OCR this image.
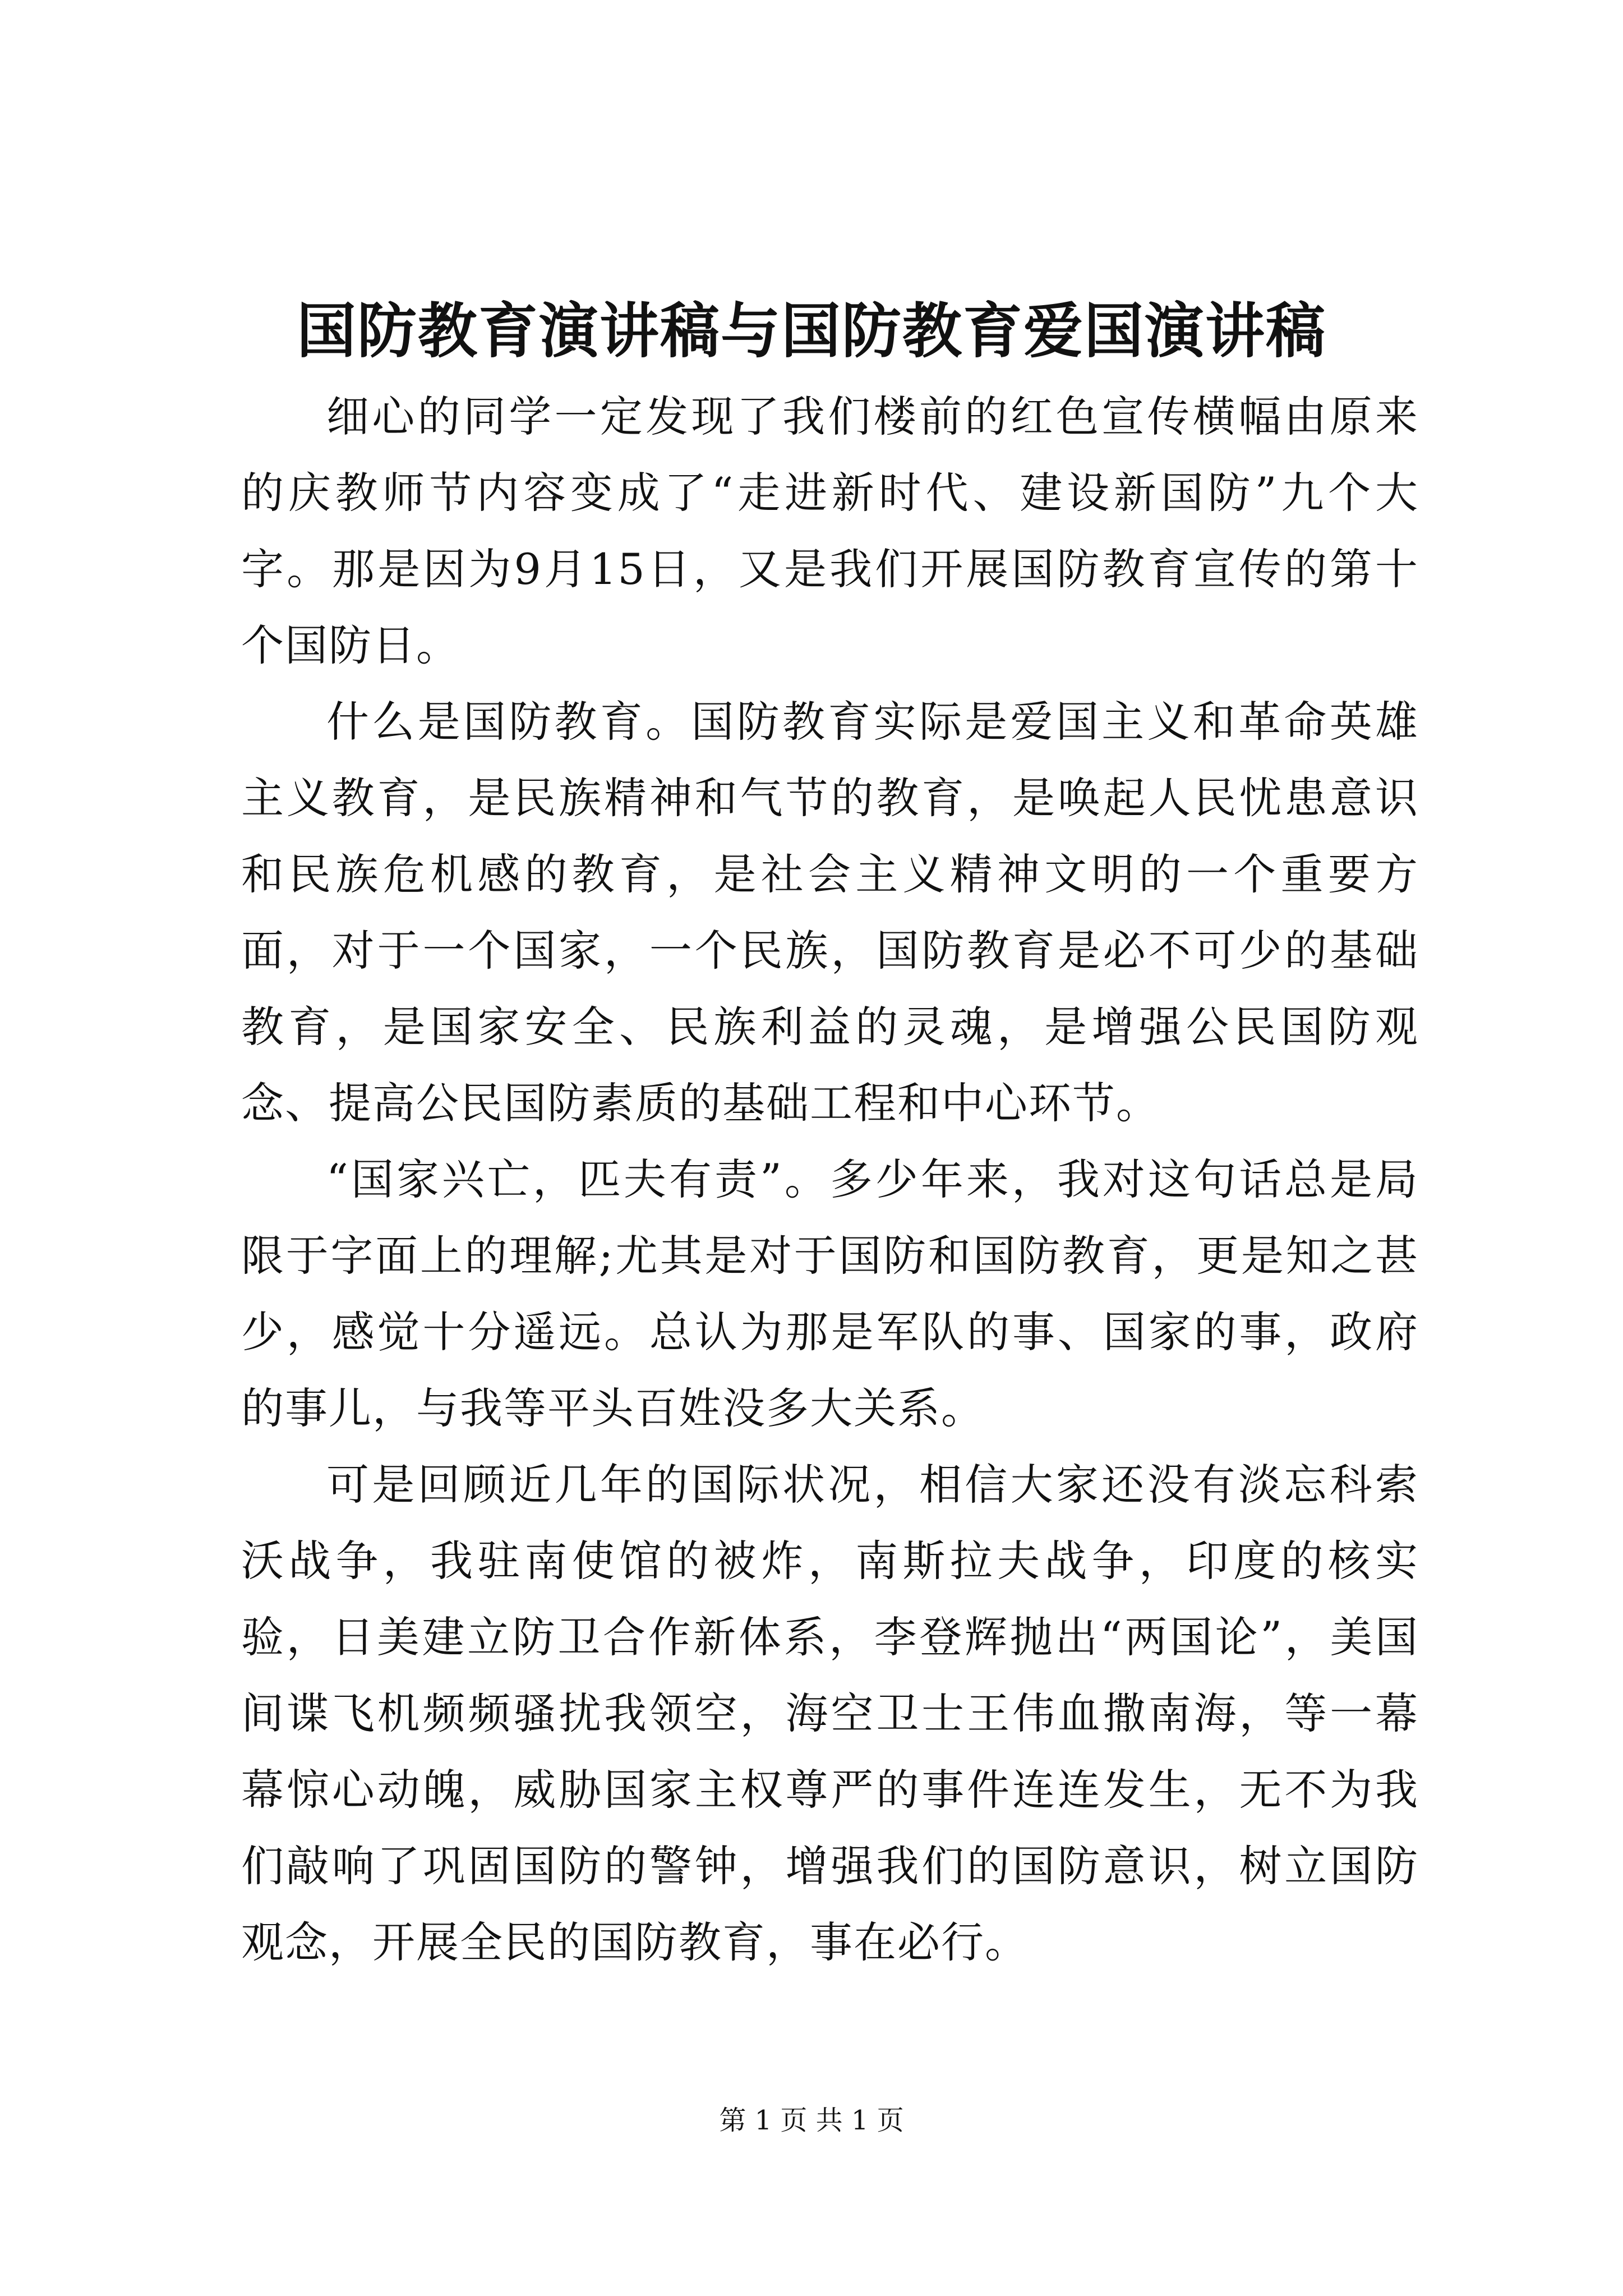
国防教育演讲稿与国防教育爱国演讲稿

细心的同学一定发现了我们楼前的红色宣传横幅由原来的庆教师节内容变成了“走进新时代、建设新国防”九个大字。那是因为9月15日，又是我们开展国防教育宣传的第十个国防日。

什么是国防教育。国防教育实际是爱国主义和革命英雄主义教育，是民族精神和气节的教育，是唤起人民忧患意识和民族危机感的教育，是社会主义精神文明的一个重要方面，对于一个国家，一个民族，国防教育是必不可少的基础教育，是国家安全、民族利益的灵魂，是增强公民国防观念、提高公民国防素质的基础工程和中心环节。

“国家兴亡，匹夫有责”。多少年来，我对这句话总是局限于字面上的理解;尤其是对于国防和国防教育，更是知之甚少，感觉十分遥远。总认为那是军队的事、国家的事，政府的事儿，与我等平头百姓没多大关系。

可是回顾近几年的国际状况，相信大家还没有淡忘科索沃战争，我驻南使馆的被炸，南斯拉夫战争，印度的核实验，日美建立防卫合作新体系，李登辉抛出“两国论”，美国间谍飞机频频骚扰我领空，海空卫士王伟血撒南海，等一幕幕惊心动魄，威胁国家主权尊严的事件连连发生，无不为我们敲响了巩固国防的警钟，增强我们的国防意识，树立国防观念，开展全民的国防教育，事在必行。

第 1 页 共 1 页
